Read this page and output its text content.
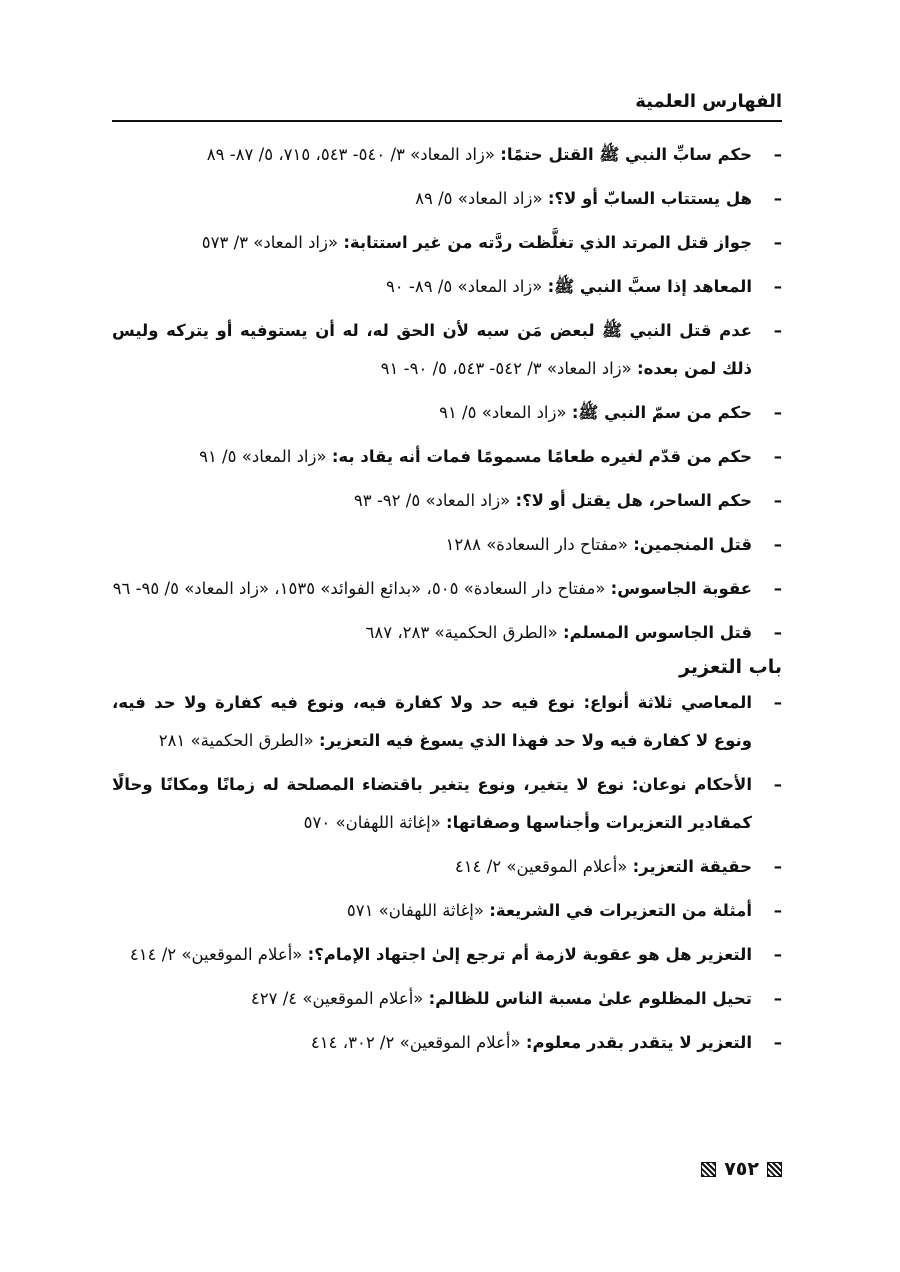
الفهارس العلمية
–
حكم سابِّ النبي ﷺ القتل حتمًا: «زاد المعاد» ٣/ ٥٤٠- ٥٤٣، ٧١٥، ٥/ ٨٧- ٨٩
–
هل يستتاب السابّ أو لا؟: «زاد المعاد» ٥/ ٨٩
–
جواز قتل المرتد الذي تغلَّظت ردَّته من غير استتابة: «زاد المعاد» ٣/ ٥٧٣
–
المعاهد إذا سبَّ النبي ﷺ: «زاد المعاد» ٥/ ٨٩- ٩٠
–
عدم قتل النبي ﷺ لبعض مَن سبه لأن الحق له، له أن يستوفيه أو يتركه وليس ذلك لمن بعده: «زاد المعاد» ٣/ ٥٤٢- ٥٤٣، ٥/ ٩٠- ٩١
–
حكم من سمّ النبي ﷺ: «زاد المعاد» ٥/ ٩١
–
حكم من قدّم لغيره طعامًا مسمومًا فمات أنه يقاد به: «زاد المعاد» ٥/ ٩١
–
حكم الساحر، هل يقتل أو لا؟: «زاد المعاد» ٥/ ٩٢- ٩٣
–
قتل المنجمين: «مفتاح دار السعادة» ١٢٨٨
–
عقوبة الجاسوس: «مفتاح دار السعادة» ٥٠٥، «بدائع الفوائد» ١٥٣٥، «زاد المعاد» ٥/ ٩٥- ٩٦
–
قتل الجاسوس المسلم: «الطرق الحكمية» ٢٨٣، ٦٨٧
باب التعزير
–
المعاصي ثلاثة أنواع: نوع فيه حد ولا كفارة فيه، ونوع فيه كفارة ولا حد فيه، ونوع لا كفارة فيه ولا حد فهذا الذي يسوغ فيه التعزير: «الطرق الحكمية» ٢٨١
–
الأحكام نوعان: نوع لا يتغير، ونوع يتغير باقتضاء المصلحة له زمانًا ومكانًا وحالًا كمقادير التعزيرات وأجناسها وصفاتها: «إغاثة اللهفان» ٥٧٠
–
حقيقة التعزير: «أعلام الموقعين» ٢/ ٤١٤
–
أمثلة من التعزيرات في الشريعة: «إغاثة اللهفان» ٥٧١
–
التعزير هل هو عقوبة لازمة أم ترجع إلىٰ اجتهاد الإمام؟: «أعلام الموقعين» ٢/ ٤١٤
–
تحيل المظلوم علىٰ مسبة الناس للظالم: «أعلام الموقعين» ٤/ ٤٢٧
–
التعزير لا يتقدر بقدر معلوم: «أعلام الموقعين» ٢/ ٣٠٢، ٤١٤
٧٥٢
